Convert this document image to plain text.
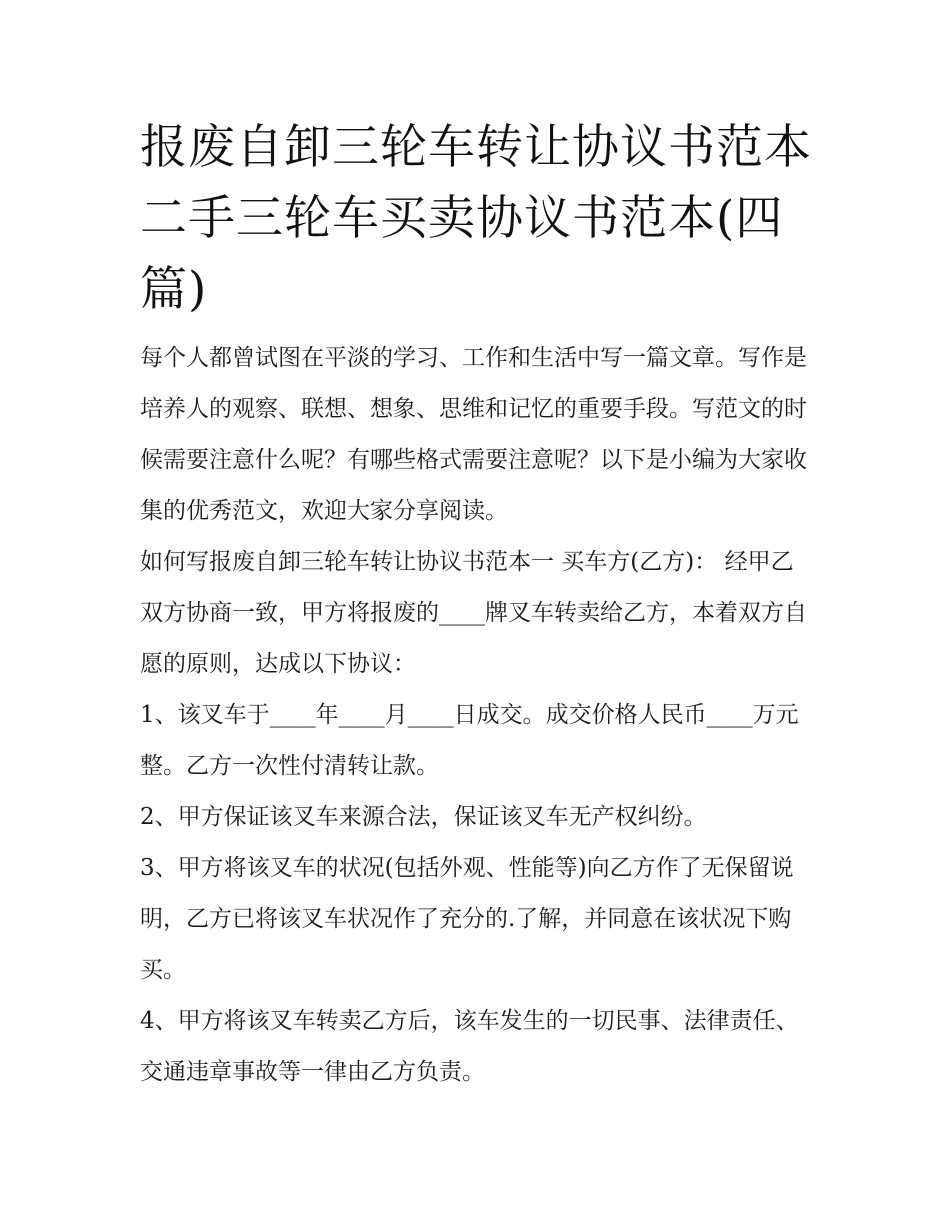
报废自卸三轮车转让协议书范本 二手三轮车买卖协议书范本(四篇)

每个人都曾试图在平淡的学习、工作和生活中写一篇文章。写作是培养人的观察、联想、想象、思维和记忆的重要手段。写范文的时候需要注意什么呢？有哪些格式需要注意呢？以下是小编为大家收集的优秀范文，欢迎大家分享阅读。

如何写报废自卸三轮车转让协议书范本一 买车方(乙方)： 经甲乙双方协商一致，甲方将报废的____牌叉车转卖给乙方，本着双方自愿的原则，达成以下协议：

1、该叉车于____年____月____日成交。成交价格人民币____万元整。乙方一次性付清转让款。

2、甲方保证该叉车来源合法，保证该叉车无产权纠纷。

3、甲方将该叉车的状况(包括外观、性能等)向乙方作了无保留说明，乙方已将该叉车状况作了充分的.了解，并同意在该状况下购买。

4、甲方将该叉车转卖乙方后，该车发生的一切民事、法律责任、交通违章事故等一律由乙方负责。
